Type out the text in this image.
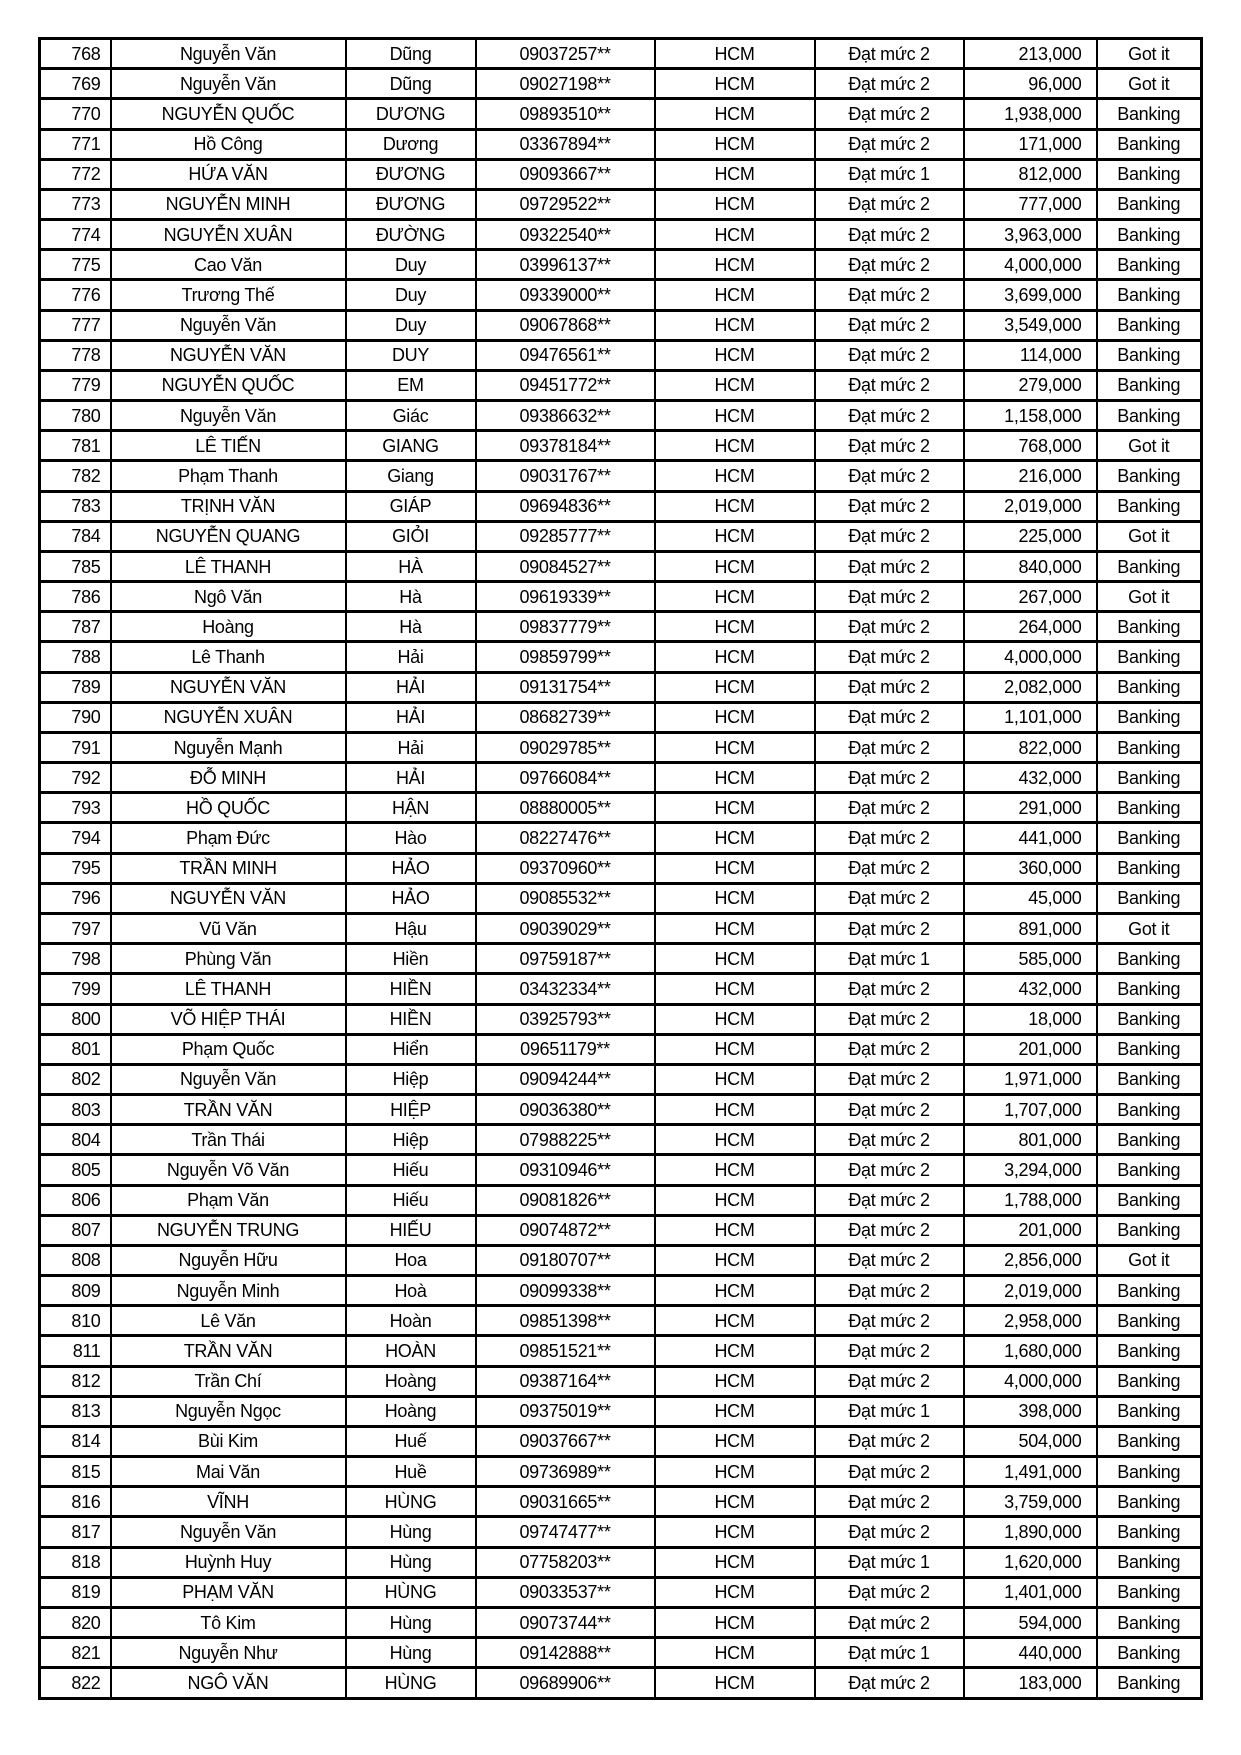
768	Nguyễn Văn	Dũng	09037257**	HCM	Đạt mức 2	213,000	Got it
769	Nguyễn Văn	Dũng	09027198**	HCM	Đạt mức 2	96,000	Got it
770	NGUYỄN QUỐC	DƯƠNG	09893510**	HCM	Đạt mức 2	1,938,000	Banking
771	Hồ Công	Dương	03367894**	HCM	Đạt mức 2	171,000	Banking
772	HỨA VĂN	ĐƯƠNG	09093667**	HCM	Đạt mức 1	812,000	Banking
773	NGUYỄN MINH	ĐƯƠNG	09729522**	HCM	Đạt mức 2	777,000	Banking
774	NGUYỄN XUÂN	ĐƯỜNG	09322540**	HCM	Đạt mức 2	3,963,000	Banking
775	Cao Văn	Duy	03996137**	HCM	Đạt mức 2	4,000,000	Banking
776	Trương Thế	Duy	09339000**	HCM	Đạt mức 2	3,699,000	Banking
777	Nguyễn Văn	Duy	09067868**	HCM	Đạt mức 2	3,549,000	Banking
778	NGUYỄN VĂN	DUY	09476561**	HCM	Đạt mức 2	114,000	Banking
779	NGUYỄN QUỐC	EM	09451772**	HCM	Đạt mức 2	279,000	Banking
780	Nguyễn Văn	Giác	09386632**	HCM	Đạt mức 2	1,158,000	Banking
781	LÊ TIẾN	GIANG	09378184**	HCM	Đạt mức 2	768,000	Got it
782	Phạm Thanh	Giang	09031767**	HCM	Đạt mức 2	216,000	Banking
783	TRỊNH VĂN	GIÁP	09694836**	HCM	Đạt mức 2	2,019,000	Banking
784	NGUYỄN QUANG	GIỎI	09285777**	HCM	Đạt mức 2	225,000	Got it
785	LÊ THANH	HÀ	09084527**	HCM	Đạt mức 2	840,000	Banking
786	Ngô Văn	Hà	09619339**	HCM	Đạt mức 2	267,000	Got it
787	Hoàng	Hà	09837779**	HCM	Đạt mức 2	264,000	Banking
788	Lê Thanh	Hải	09859799**	HCM	Đạt mức 2	4,000,000	Banking
789	NGUYỄN VĂN	HẢI	09131754**	HCM	Đạt mức 2	2,082,000	Banking
790	NGUYỄN XUÂN	HẢI	08682739**	HCM	Đạt mức 2	1,101,000	Banking
791	Nguyễn Mạnh	Hải	09029785**	HCM	Đạt mức 2	822,000	Banking
792	ĐỖ MINH	HẢI	09766084**	HCM	Đạt mức 2	432,000	Banking
793	HỒ QUỐC	HẬN	08880005**	HCM	Đạt mức 2	291,000	Banking
794	Phạm Đức	Hào	08227476**	HCM	Đạt mức 2	441,000	Banking
795	TRẦN MINH	HẢO	09370960**	HCM	Đạt mức 2	360,000	Banking
796	NGUYỄN VĂN	HẢO	09085532**	HCM	Đạt mức 2	45,000	Banking
797	Vũ Văn	Hậu	09039029**	HCM	Đạt mức 2	891,000	Got it
798	Phùng Văn	Hiền	09759187**	HCM	Đạt mức 1	585,000	Banking
799	LÊ THANH	HIỀN	03432334**	HCM	Đạt mức 2	432,000	Banking
800	VÕ HIỆP THÁI	HIỀN	03925793**	HCM	Đạt mức 2	18,000	Banking
801	Phạm Quốc	Hiển	09651179**	HCM	Đạt mức 2	201,000	Banking
802	Nguyễn Văn	Hiệp	09094244**	HCM	Đạt mức 2	1,971,000	Banking
803	TRẦN VĂN	HIỆP	09036380**	HCM	Đạt mức 2	1,707,000	Banking
804	Trần Thái	Hiệp	07988225**	HCM	Đạt mức 2	801,000	Banking
805	Nguyễn Võ Văn	Hiếu	09310946**	HCM	Đạt mức 2	3,294,000	Banking
806	Phạm Văn	Hiếu	09081826**	HCM	Đạt mức 2	1,788,000	Banking
807	NGUYỄN TRUNG	HIẾU	09074872**	HCM	Đạt mức 2	201,000	Banking
808	Nguyễn Hữu	Hoa	09180707**	HCM	Đạt mức 2	2,856,000	Got it
809	Nguyễn Minh	Hoà	09099338**	HCM	Đạt mức 2	2,019,000	Banking
810	Lê Văn	Hoàn	09851398**	HCM	Đạt mức 2	2,958,000	Banking
811	TRẦN VĂN	HOÀN	09851521**	HCM	Đạt mức 2	1,680,000	Banking
812	Trần Chí	Hoàng	09387164**	HCM	Đạt mức 2	4,000,000	Banking
813	Nguyễn Ngọc	Hoàng	09375019**	HCM	Đạt mức 1	398,000	Banking
814	Bùi Kim	Huế	09037667**	HCM	Đạt mức 2	504,000	Banking
815	Mai Văn	Huề	09736989**	HCM	Đạt mức 2	1,491,000	Banking
816	VĨNH	HÙNG	09031665**	HCM	Đạt mức 2	3,759,000	Banking
817	Nguyễn Văn	Hùng	09747477**	HCM	Đạt mức 2	1,890,000	Banking
818	Huỳnh Huy	Hùng	07758203**	HCM	Đạt mức 1	1,620,000	Banking
819	PHẠM VĂN	HÙNG	09033537**	HCM	Đạt mức 2	1,401,000	Banking
820	Tô Kim	Hùng	09073744**	HCM	Đạt mức 2	594,000	Banking
821	Nguyễn Như	Hùng	09142888**	HCM	Đạt mức 1	440,000	Banking
822	NGÔ VĂN	HÙNG	09689906**	HCM	Đạt mức 2	183,000	Banking
